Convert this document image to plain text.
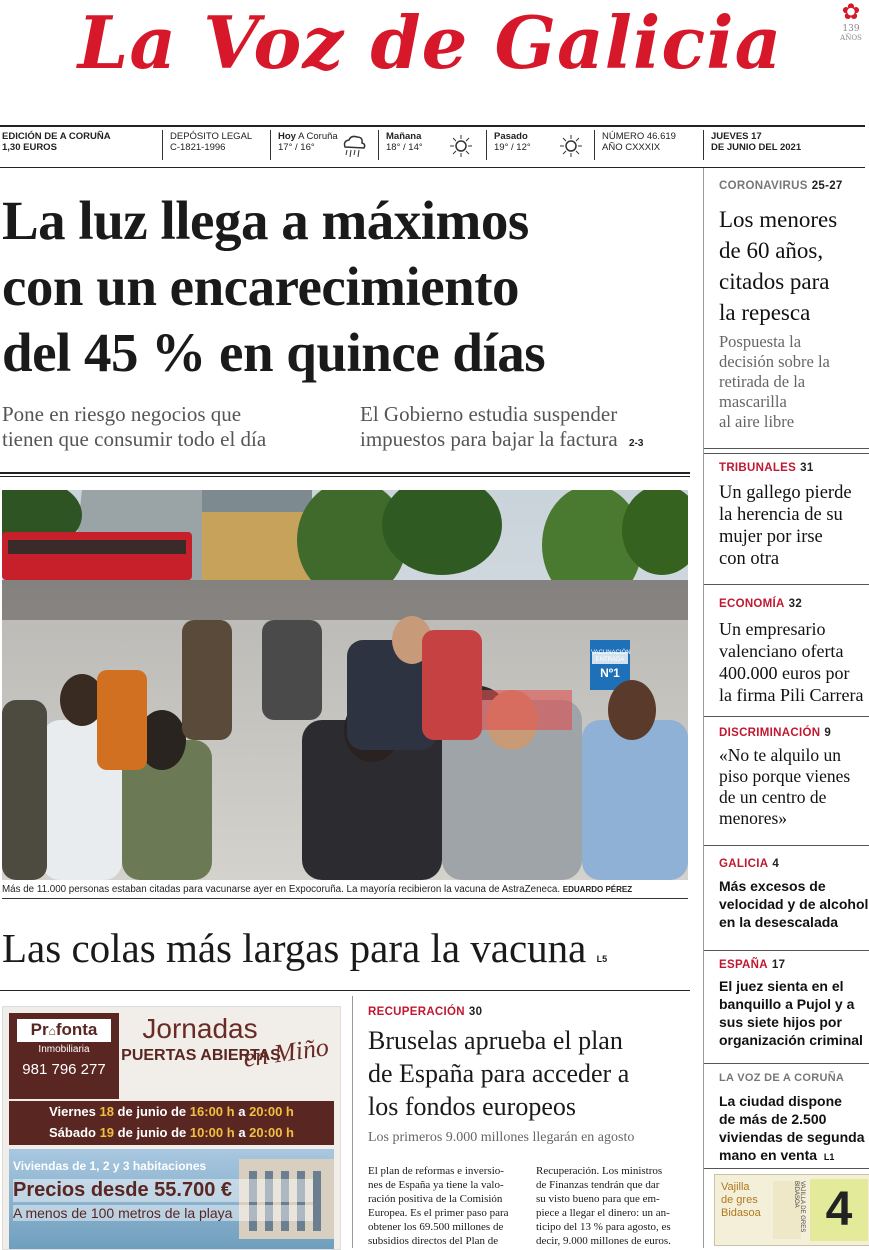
La Voz de Galicia	✿
139
AÑOS
EDICIÓN DE A CORUÑA
1,30 EUROS
DEPÓSITO LEGAL
C-1821-1996
Hoy A Coruña
17° / 16°
Mañana
18° / 14°
Pasado
19° / 12°
NÚMERO 46.619
AÑO CXXXIX
JUEVES 17
DE JUNIO DEL 2021
La luz llega a máximos
con un encarecimiento
del 45 % en quince días
Pone en riesgo negocios que
tienen que consumir todo el día
El Gobierno estudia suspender
impuestos para bajar la factura 2-3
VACUNACIÓN ENTRADA
Nº1
Más de 11.000 personas estaban citadas para vacunarse ayer en Expocoruña. La mayoría recibieron la vacuna de AstraZeneca. EDUARDO PÉREZ
Las colas más largas para la vacuna L5
Pr⌂fonta
Inmobiliaria
981 796 277
Jornadas
PUERTAS ABIERTAS
en Miño
Viernes 18 de junio de 16:00 h a 20:00 h
Sábado 19 de junio de 10:00 h a 20:00 h
Viviendas de 1, 2 y 3 habitaciones
Precios desde 55.700 €
A menos de 100 metros de la playa
RECUPERACIÓN 30
Bruselas aprueba el plan
de España para acceder a
los fondos europeos
Los primeros 9.000 millones llegarán en agosto
El plan de reformas e inversio-
nes de España ya tiene la valo-
ración positiva de la Comisión
Europea. Es el primer paso para
obtener los 69.500 millones de
subsidios directos del Plan de
Recuperación. Los ministros
de Finanzas tendrán que dar
su visto bueno para que em-
piece a llegar el dinero: un an-
ticipo del 13 % para agosto, es
decir, 9.000 millones de euros.
CORONAVIRUS 25-27
Los menores
de 60 años,
citados para
la repesca
Pospuesta la
decisión sobre la
retirada de la
mascarilla
al aire libre
TRIBUNALES 31
Un gallego pierde
la herencia de su
mujer por irse
con otra
ECONOMÍA 32
Un empresario
valenciano oferta
400.000 euros por
la firma Pili Carrera
DISCRIMINACIÓN 9
«No te alquilo un
piso porque vienes
de un centro de
menores»
GALICIA 4
Más excesos de
velocidad y de alcohol
en la desescalada
ESPAÑA 17
El juez sienta en el
banquillo a Pujol y a
sus siete hijos por
organización criminal
LA VOZ DE A CORUÑA
La ciudad dispone
de más de 2.500
viviendas de segunda
mano en venta L1
Vajilla
de gres
Bidasoa	VAJILLA DE GRES BIDASOA 4
